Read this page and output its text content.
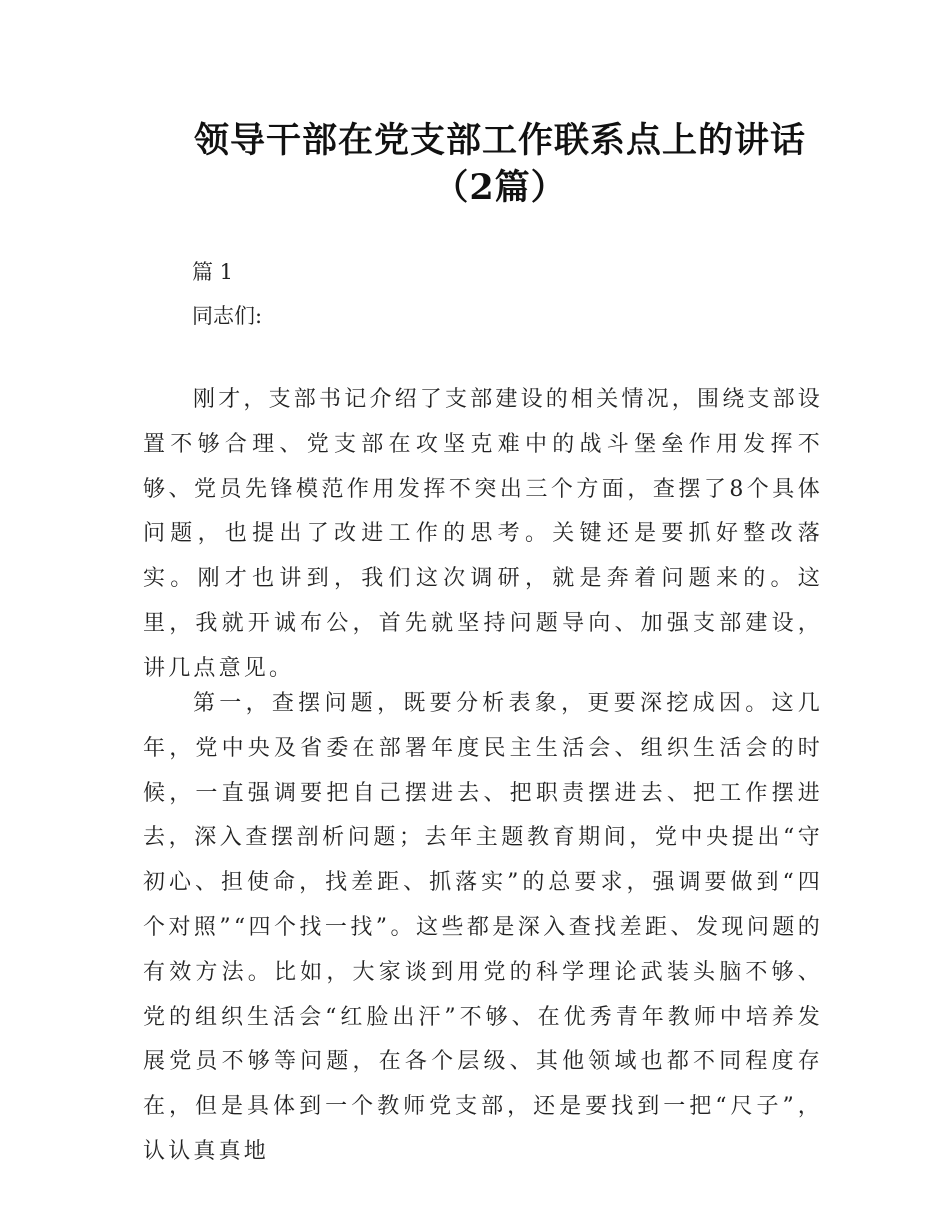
领导干部在党支部工作联系点上的讲话
（2篇）
篇 1
同志们:
刚才，支部书记介绍了支部建设的相关情况，围绕支部设置不够合理、党支部在攻坚克难中的战斗堡垒作用发挥不够、党员先锋模范作用发挥不突出三个方面，查摆了8个具体问题，也提出了改进工作的思考。关键还是要抓好整改落实。刚才也讲到，我们这次调研，就是奔着问题来的。这里，我就开诚布公，首先就坚持问题导向、加强支部建设，讲几点意见。
第一，查摆问题，既要分析表象，更要深挖成因。这几年，党中央及省委在部署年度民主生活会、组织生活会的时候，一直强调要把自己摆进去、把职责摆进去、把工作摆进去，深入查摆剖析问题；去年主题教育期间，党中央提出“守初心、担使命，找差距、抓落实”的总要求，强调要做到“四个对照”“四个找一找”。这些都是深入查找差距、发现问题的有效方法。比如，大家谈到用党的科学理论武装头脑不够、党的组织生活会“红脸出汗”不够、在优秀青年教师中培养发展党员不够等问题，在各个层级、其他领域也都不同程度存在，但是具体到一个教师党支部，还是要找到一把“尺子”，认认真真地
